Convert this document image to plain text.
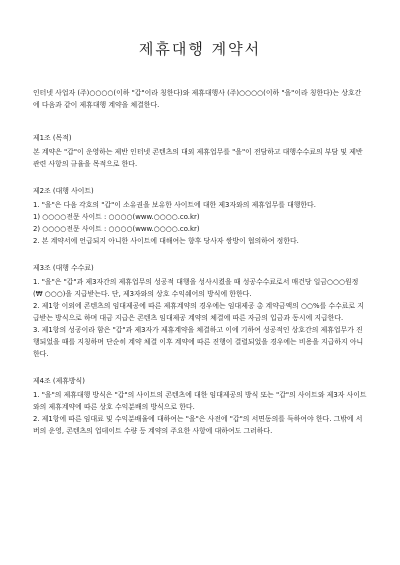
제휴대행 계약서

인터넷 사업자 (주)○○○○(이하 "갑"이라 칭한다)와 제휴대행사 (주)○○○○(이하 "을"이라 칭한다)는 상호간에 다음과 같이 제휴대행 계약을 체결한다.

제1조 (목적)

본 계약은 "갑"이 운영하는 제반 인터넷 콘텐츠의 대외 제휴업무를 "을"이 전담하고 대행수수료의 부담 및 제반 관련 사항의 규율을 목적으로 한다.

제2조 (대행 사이트)

1. "을"은 다음 각호의 "갑"이 소유권을 보유한 사이트에 대한 제3자와의 제휴업무를 대행한다.

1) ○○○○전문 사이트 : ○○○○(www.○○○○.co.kr)

2) ○○○○전문 사이트 : ○○○○(www.○○○○.co.kr)

2. 본 계약서에 언급되지 아니한 사이트에 대해여는 향후 당사자 쌍방이 협의하여 정한다.

제3조 (대행 수수료)

1. "을"은 "갑"과 제3자간의 제휴업무의 성공적 대행을 성사시켰을 때 성공수수료로서 매건당 일금○○○원정(₩ ○○○)을 지급받는다. 단, 제3자와의 상호 수익쉐어의 방식에 한한다.

2. 제1항 이외에 콘텐츠의 임대제공에 따른 제휴계약의 경우에는 임대제공 총 계약금액의 ○○%를 수수료로 지급받는 방식으로 하며 대금 지급은 콘텐츠 임대제공 계약의 체결에 따른 자금의 입금과 동시에 지급한다.

3. 제1항의 성공이라 함은 "갑"과 제3자가 제휴계약을 체결하고 이에 기하여 성공적인 상호간의 제휴업무가 진행되었을 때를 지칭하며 단순히 계약 체결 이후 계약에 따른 진행이 결렬되었을 경우에는 비용을 지급하지 아니한다.

제4조 (제휴방식)

1. "을"의 제휴대행 방식은 "갑"의 사이트의 콘텐츠에 대한 임대제공의 방식 또는 "갑"의 사이트와 제3자 사이트와의 제휴계약에 따른 상호 수익분배의 방식으로 한다.

2. 제1항에 따른 임대료 및 수익분배율에 대하여는 "을"은 사전에 "갑"의 서면동의를 득하여야 한다. 그밖에 서버의 운영, 콘텐츠의 업데이트 수량 등 계약의 주요한 사항에 대하여도 그러하다.
